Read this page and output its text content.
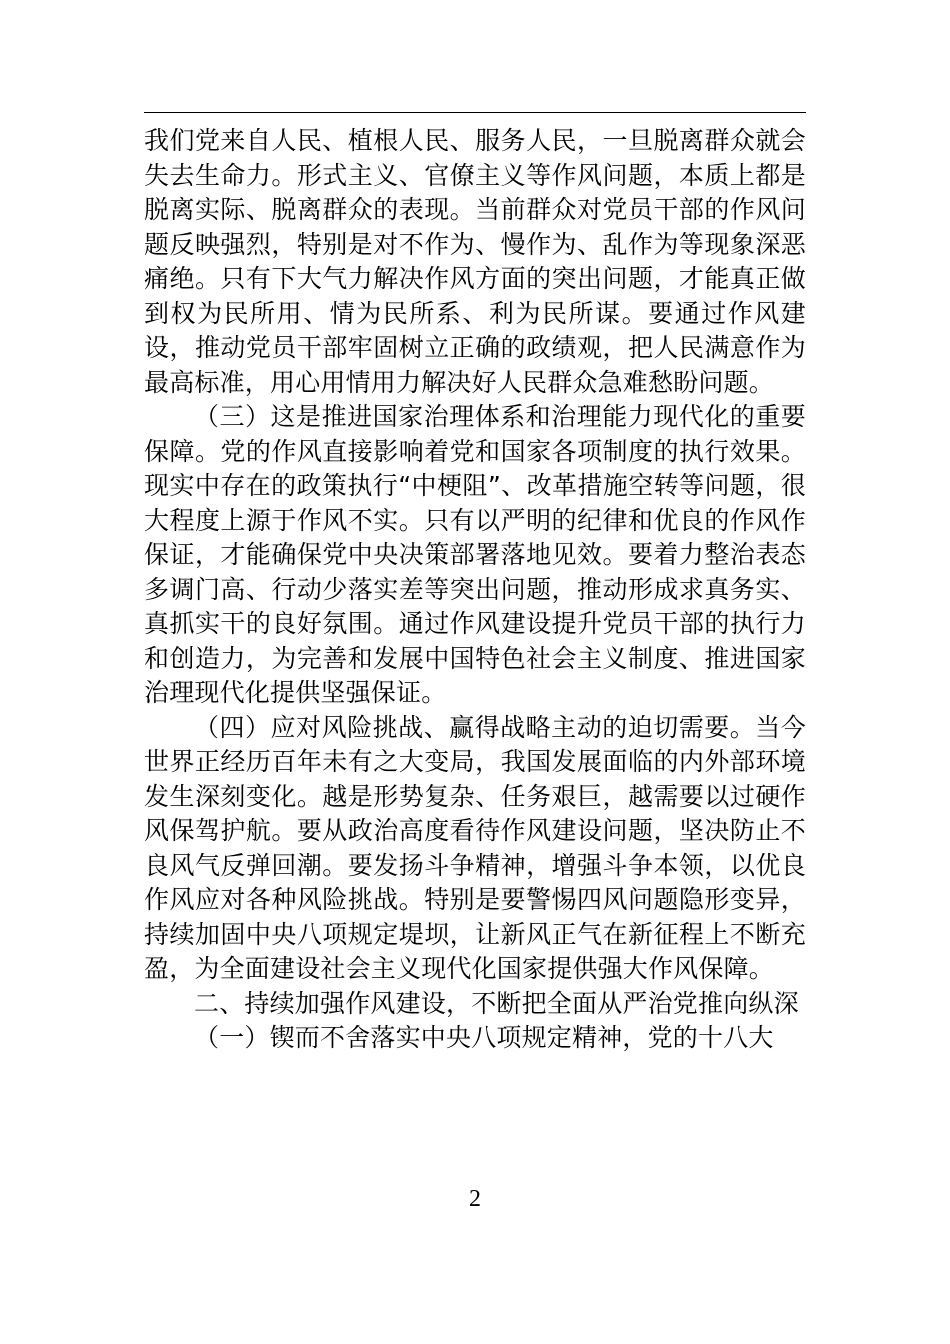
我们党来自人民、植根人民、服务人民，一旦脱离群众就会失去生命力。形式主义、官僚主义等作风问题，本质上都是脱离实际、脱离群众的表现。当前群众对党员干部的作风问题反映强烈，特别是对不作为、慢作为、乱作为等现象深恶痛绝。只有下大气力解决作风方面的突出问题，才能真正做到权为民所用、情为民所系、利为民所谋。要通过作风建设，推动党员干部牢固树立正确的政绩观，把人民满意作为最高标准，用心用情用力解决好人民群众急难愁盼问题。

（三）这是推进国家治理体系和治理能力现代化的重要保障。党的作风直接影响着党和国家各项制度的执行效果。现实中存在的政策执行“中梗阻”、改革措施空转等问题，很大程度上源于作风不实。只有以严明的纪律和优良的作风作保证，才能确保党中央决策部署落地见效。要着力整治表态多调门高、行动少落实差等突出问题，推动形成求真务实、真抓实干的良好氛围。通过作风建设提升党员干部的执行力和创造力，为完善和发展中国特色社会主义制度、推进国家治理现代化提供坚强保证。

（四）应对风险挑战、赢得战略主动的迫切需要。当今世界正经历百年未有之大变局，我国发展面临的内外部环境发生深刻变化。越是形势复杂、任务艰巨，越需要以过硬作风保驾护航。要从政治高度看待作风建设问题，坚决防止不良风气反弹回潮。要发扬斗争精神，增强斗争本领，以优良作风应对各种风险挑战。特别是要警惕四风问题隐形变异，持续加固中央八项规定堤坝，让新风正气在新征程上不断充盈，为全面建设社会主义现代化国家提供强大作风保障。

二、持续加强作风建设，不断把全面从严治党推向纵深

（一）锲而不舍落实中央八项规定精神，党的十八大

2
